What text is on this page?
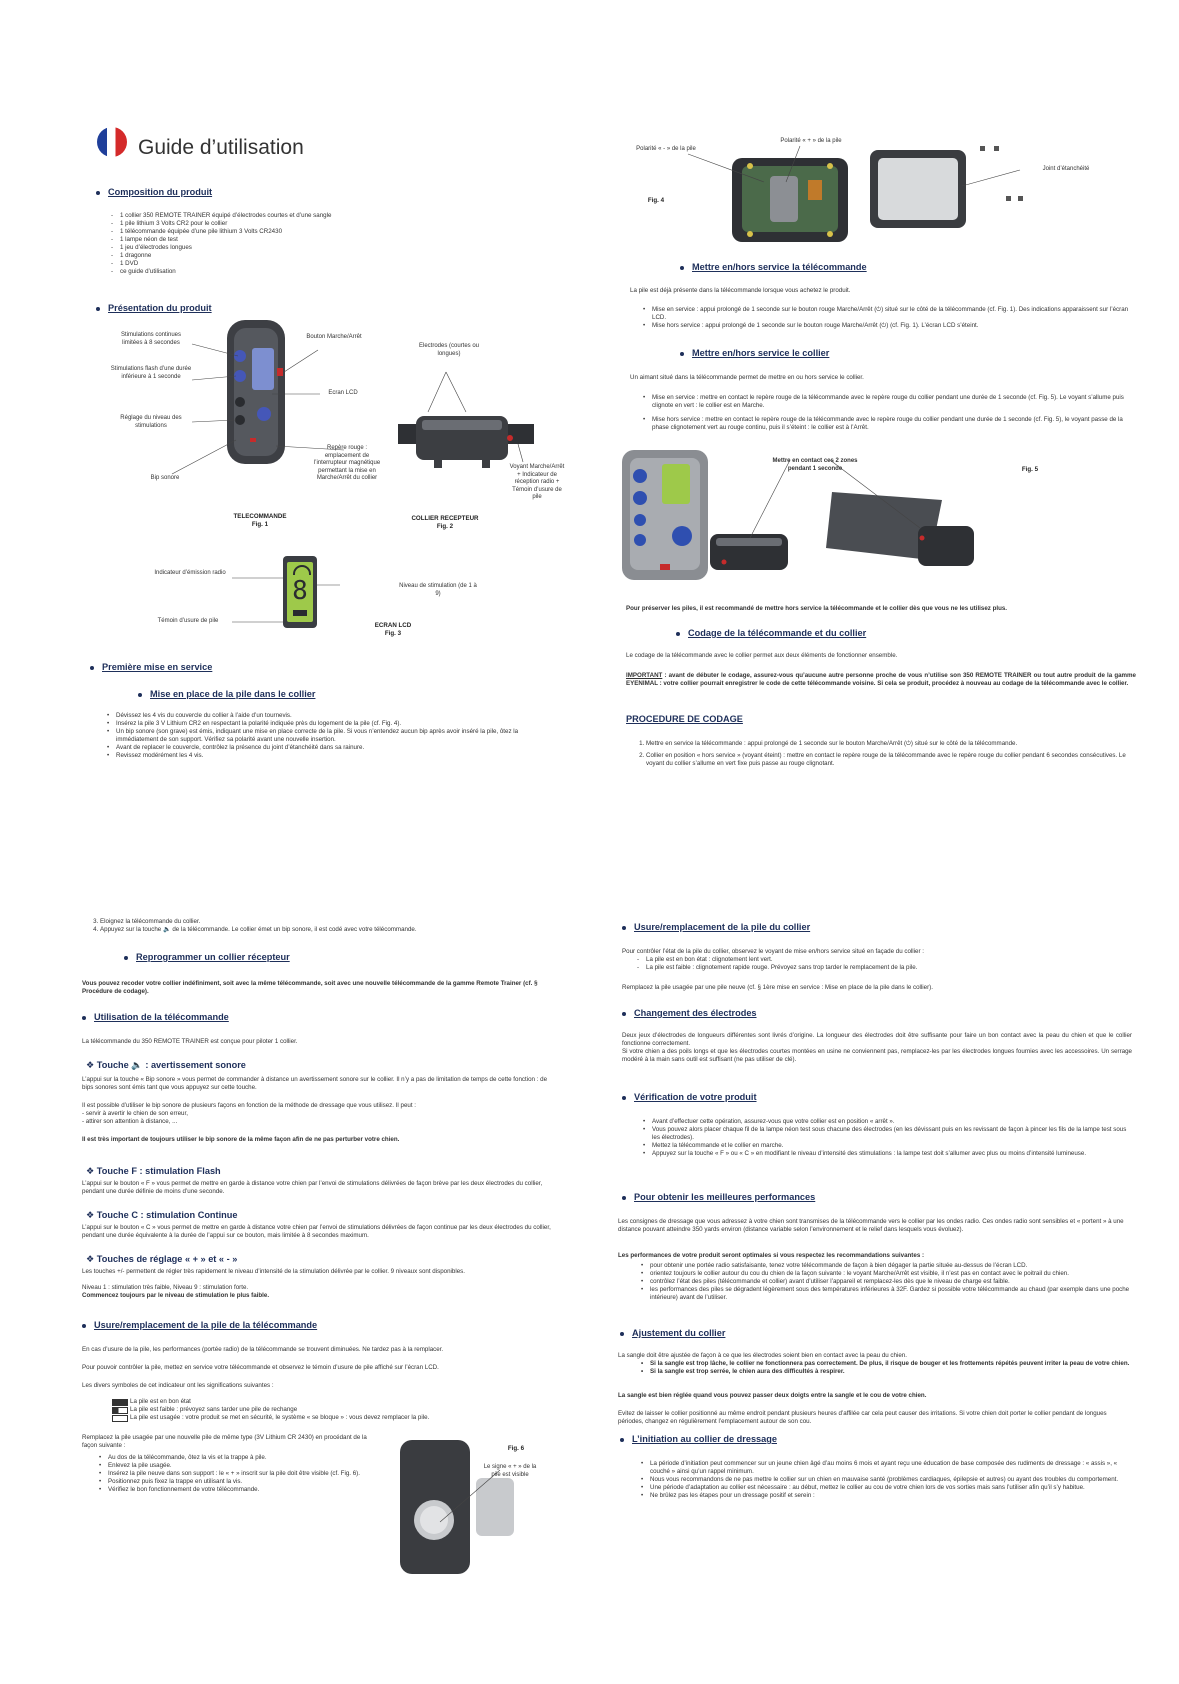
Guide d’utilisation
Composition du produit
- 1 collier 350 REMOTE TRAINER équipé d’électrodes courtes et d’une sangle
- 1 pile lithium 3 Volts CR2 pour le collier
- 1 télécommande équipée d’une pile lithium 3 Volts CR2430
- 1 lampe néon de test
- 1 jeu d’électrodes longues
- 1 dragonne
- 1 DVD
- ce guide d’utilisation
Présentation du produit
Stimulations continues limitées à 8 secondes
Stimulations flash d’une durée inférieure à 1 seconde
Réglage du niveau des stimulations
Bip sonore
Bouton Marche/Arrêt
Ecran LCD
Electrodes (courtes ou longues)
Repère rouge : emplacement de l’interrupteur magnétique permettant la mise en Marche/Arrêt du collier
Voyant Marche/Arrêt + Indicateur de réception radio + Témoin d’usure de pile
TELECOMMANDE
Fig. 1
COLLIER RECEPTEUR
Fig. 2
8
Indicateur d’émission radio
Niveau de stimulation (de 1 à 9)
Témoin d’usure de pile
ECRAN LCD
Fig. 3
Première mise en service
Mise en place de la pile dans le collier
• Dévissez les 4 vis du couvercle du collier à l’aide d’un tournevis.
• Insérez la pile 3 V Lithium CR2 en respectant la polarité indiquée près du logement de la pile (cf. Fig. 4).
• Un bip sonore (son grave) est émis, indiquant une mise en place correcte de la pile. Si vous n’entendez aucun bip après avoir inséré la pile, ôtez la immédiatement de son support. Vérifiez sa polarité avant une nouvelle insertion.
• Avant de replacer le couvercle, contrôlez la présence du joint d’étanchéité dans sa rainure.
• Revissez modérément les 4 vis.
Polarité « - » de la pile
Polarité « + » de la pile
Joint d’étanchéité
Fig. 4
Mettre en/hors service la télécommande
La pile est déjà présente dans la télécommande lorsque vous achetez le produit.
• Mise en service : appui prolongé de 1 seconde sur le bouton rouge Marche/Arrêt (⏻) situé sur le côté de la télécommande (cf. Fig. 1). Des indications apparaissent sur l’écran LCD.
• Mise hors service : appui prolongé de 1 seconde sur le bouton rouge Marche/Arrêt (⏻) (cf. Fig. 1). L’écran LCD s’éteint.
Mettre en/hors service le collier
Un aimant situé dans la télécommande permet de mettre en ou hors service le collier.
• Mise en service : mettre en contact le repère rouge de la télécommande avec le repère rouge du collier pendant une durée de 1 seconde (cf. Fig. 5). Le voyant s’allume puis clignote en vert : le collier est en Marche.
• Mise hors service : mettre en contact le repère rouge de la télécommande avec le repère rouge du collier pendant une durée de 1 seconde (cf. Fig. 5), le voyant passe de la phase clignotement vert au rouge continu, puis il s’éteint : le collier est à l’Arrêt.
Mettre en contact ces 2 zones pendant 1 seconde	Fig. 5
Pour préserver les piles, il est recommandé de mettre hors service la télécommande et le collier dès que vous ne les utilisez plus.
Codage de la télécommande et du collier
Le codage de la télécommande avec le collier permet aux deux éléments de fonctionner ensemble.
IMPORTANT : avant de débuter le codage, assurez-vous qu’aucune autre personne proche de vous n’utilise son 350 REMOTE TRAINER ou tout autre produit de la gamme EYENIMAL : votre collier pourrait enregistrer le code de cette télécommande voisine. Si cela se produit, procédez à nouveau au codage de la télécommande avec le collier.
PROCEDURE DE CODAGE
1. Mettre en service la télécommande : appui prolongé de 1 seconde sur le bouton Marche/Arrêt (⏻) situé sur le côté de la télécommande.
2. Collier en position « hors service » (voyant éteint) : mettre en contact le repère rouge de la télécommande avec le repère rouge du collier pendant 6 secondes consécutives. Le voyant du collier s’allume en vert fixe puis passe au rouge clignotant.
3. Eloignez la télécommande du collier.
4. Appuyez sur la touche 🔈 de la télécommande. Le collier émet un bip sonore, il est codé avec votre télécommande.
Reprogrammer un collier récepteur
Vous pouvez recoder votre collier indéfiniment, soit avec la même télécommande, soit avec une nouvelle télécommande de la gamme Remote Trainer (cf. § Procédure de codage).
Utilisation de la télécommande
La télécommande du 350 REMOTE TRAINER est conçue pour piloter 1 collier.
❖ Touche 🔈 : avertissement sonore
L’appui sur la touche « Bip sonore » vous permet de commander à distance un avertissement sonore sur le collier. Il n’y a pas de limitation de temps de cette fonction : de bips sonores sont émis tant que vous appuyez sur cette touche.
Il est possible d’utiliser le bip sonore de plusieurs façons en fonction de la méthode de dressage que vous utilisez. Il peut :
- servir à avertir le chien de son erreur,
- attirer son attention à distance, ...
Il est très important de toujours utiliser le bip sonore de la même façon afin de ne pas perturber votre chien.
❖ Touche F : stimulation Flash
L’appui sur le bouton « F » vous permet de mettre en garde à distance votre chien par l’envoi de stimulations délivrées de façon brève par les deux électrodes du collier, pendant une durée définie de moins d’une seconde.
❖ Touche C : stimulation Continue
L’appui sur le bouton « C » vous permet de mettre en garde à distance votre chien par l’envoi de stimulations délivrées de façon continue par les deux électrodes du collier, pendant une durée équivalente à la durée de l’appui sur ce bouton, mais limitée à 8 secondes maximum.
❖ Touches de réglage « + » et « - »
Les touches +/- permettent de régler très rapidement le niveau d’intensité de la stimulation délivrée par le collier. 9 niveaux sont disponibles.
Niveau 1 : stimulation très faible, Niveau 9 : stimulation forte.
Commencez toujours par le niveau de stimulation le plus faible.
Usure/remplacement de la pile de la télécommande
En cas d’usure de la pile, les performances (portée radio) de la télécommande se trouvent diminuées. Ne tardez pas à la remplacer.
Pour pouvoir contrôler la pile, mettez en service votre télécommande et observez le témoin d’usure de pile affiché sur l’écran LCD.
Les divers symboles de cet indicateur ont les significations suivantes :
La pile est en bon état
La pile est faible : prévoyez sans tarder une pile de rechange
La pile est usagée : votre produit se met en sécurité, le système « se bloque » : vous devez remplacer la pile.
Remplacez la pile usagée par une nouvelle pile de même type (3V Lithium CR 2430) en procédant de la façon suivante :
• Au dos de la télécommande, ôtez la vis et la trappe à pile.
• Enlevez la pile usagée.
• Insérez la pile neuve dans son support : le « + » inscrit sur la pile doit être visible (cf. Fig. 6).
• Positionnez puis fixez la trappe en utilisant la vis.
• Vérifiez le bon fonctionnement de votre télécommande.
Fig. 6
Le signe « + » de la pile est visible
Usure/remplacement de la pile du collier
Pour contrôler l’état de la pile du collier, observez le voyant de mise en/hors service situé en façade du collier :
- La pile est en bon état : clignotement lent vert.
- La pile est faible : clignotement rapide rouge. Prévoyez sans trop tarder le remplacement de la pile.
Remplacez la pile usagée par une pile neuve (cf. § 1ère mise en service : Mise en place de la pile dans le collier).
Changement des électrodes
Deux jeux d’électrodes de longueurs différentes sont livrés d’origine. La longueur des électrodes doit être suffisante pour faire un bon contact avec la peau du chien et que le collier fonctionne correctement.
Si votre chien a des poils longs et que les électrodes courtes montées en usine ne conviennent pas, remplacez-les par les électrodes longues fournies avec les accessoires. Un serrage modéré à la main sans outil est suffisant (ne pas utiliser de clé).
Vérification de votre produit
• Avant d’effectuer cette opération, assurez-vous que votre collier est en position « arrêt ».
• Vous pouvez alors placer chaque fil de la lampe néon test sous chacune des électrodes (en les dévissant puis en les revissant de façon à pincer les fils de la lampe test sous les électrodes).
• Mettez la télécommande et le collier en marche.
• Appuyez sur la touche « F » ou « C » en modifiant le niveau d’intensité des stimulations : la lampe test doit s’allumer avec plus ou moins d’intensité lumineuse.
Pour obtenir les meilleures performances
Les consignes de dressage que vous adressez à votre chien sont transmises de la télécommande vers le collier par les ondes radio. Ces ondes radio sont sensibles et « portent » à une distance pouvant atteindre 350 yards environ (distance variable selon l’environnement et le relief dans lesquels vous évoluez).
Les performances de votre produit seront optimales si vous respectez les recommandations suivantes :
• pour obtenir une portée radio satisfaisante, tenez votre télécommande de façon à bien dégager la partie située au-dessus de l’écran LCD.
• orientez toujours le collier autour du cou du chien de la façon suivante : le voyant Marche/Arrêt est visible, il n’est pas en contact avec le poitrail du chien.
• contrôlez l’état des piles (télécommande et collier) avant d’utiliser l’appareil et remplacez-les dès que le niveau de charge est faible.
• les performances des piles se dégradent légèrement sous des températures inférieures à 32F. Gardez si possible votre télécommande au chaud (par exemple dans une poche intérieure) avant de l’utiliser.
Ajustement du collier
La sangle doit être ajustée de façon à ce que les électrodes soient bien en contact avec la peau du chien.
• Si la sangle est trop lâche, le collier ne fonctionnera pas correctement. De plus, il risque de bouger et les frottements répétés peuvent irriter la peau de votre chien.
• Si la sangle est trop serrée, le chien aura des difficultés à respirer.
La sangle est bien réglée quand vous pouvez passer deux doigts entre la sangle et le cou de votre chien.
Evitez de laisser le collier positionné au même endroit pendant plusieurs heures d’affilée car cela peut causer des irritations. Si votre chien doit porter le collier pendant de longues périodes, changez en régulièrement l’emplacement autour de son cou.
L’initiation au collier de dressage
• La période d’initiation peut commencer sur un jeune chien âgé d’au moins 6 mois et ayant reçu une éducation de base composée des rudiments de dressage : « assis », « couché » ainsi qu’un rappel minimum.
• Nous vous recommandons de ne pas mettre le collier sur un chien en mauvaise santé (problèmes cardiaques, épilepsie et autres) ou ayant des troubles du comportement.
• Une période d’adaptation au collier est nécessaire : au début, mettez le collier au cou de votre chien lors de vos sorties mais sans l’utiliser afin qu’il s’y habitue.
• Ne brûlez pas les étapes pour un dressage positif et serein :
